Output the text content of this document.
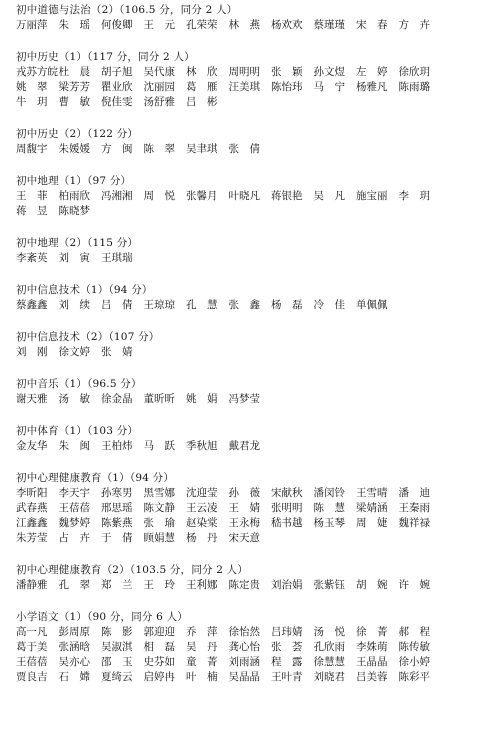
初中道德与法治（2）（106.5 分，同分 2 人）
万丽萍	朱　瑶	何俊卿	王　元	孔荣荣	林　燕	杨欢欢	蔡瑾瑾	宋　春	方　卉
初中历史（1）（117 分，同分 2 人）
戎苏方皖 杜　晨	胡子旭	吴代康	林　欣	周明明	张　颖	孙文煜	左　婷	徐欣玥
姚　翠	梁芳芳	瞿业欣	沈丽园	葛　雁	汪美琪	陈怡玮	马　宁	杨雅凡	陈雨璐
牛　玥	曹　敏	倪佳雯	汤舒雅	吕　彬
初中历史（2）（122 分）
周馥宇	朱媛媛	方　闽	陈　翠	吴聿琪	张　倩
初中地理（1）（97 分）
王　菲	柏雨欣	冯湘湘	周　悦	张馨月	叶晓凡	蒋银艳	吴　凡	施宝丽	李　玥
蒋　昱	陈晓梦
初中地理（2）（115 分）
李紊英	刘　寅	王琪瑞
初中信息技术（1）（94 分）
蔡鑫鑫	刘　续	吕　倩	王琼琼	孔　慧	张　鑫	杨　磊	冷　佳	单佩佩
初中信息技术（2）（107 分）
刘　刚	徐文婷	张　婧
初中音乐（1）（96.5 分）
谢天雅	汤　敏	徐金晶	董昕昕	姚　娟	冯梦莹
初中体育（1）（103 分）
金友华	朱　闽	王柏炜	马　跃	季秋旭	戴君龙
初中心理健康教育（1）（94 分）
李昕阳	李天宇	孙寒男	黑雪娜	沈迎莹	孙　薇	宋献秋	潘闵铃	王雪晴	潘　迪
武春燕	王蓓蓓	邢思瑶	陈文静	王云凌	王　婧	张明明	陈　慧	梁婧涵	王秦雨
江鑫鑫	魏梦婷	陈紫燕	张　瑜	赵染棠	王永梅	嵇书越	杨玉琴	周　婕	魏祥禄
朱芳莹	占　卉	于　倩	顾娟慧	杨　丹	宋天意
初中心理健康教育（2）（103.5 分，同分 2 人）
潘静雅	孔　翠	郑　兰	王　玲	王利娜	陈定贵	刘治娟	张紫钰	胡　婉	许　婉
小学语文（1）（90 分，同分 6 人）
高一凡	彭周原	陈　影	郭迎迎	乔　萍	徐怡然	吕玮婧	汤　悦	徐　菁	郝　程
葛于美	张涵晗	吴淑淇	相　磊	吴　丹	龚心怡	张　荟	孔欣雨	李姝萌	陈传敏
王蓓蓓	吴亦心	邵　玉	史芬如	童　菁	刘雨涵	程　露	徐慧慧	王晶晶	徐小婷
贾良吉	石　嫦	夏绮云	启婷冉	叶　楠	吴晶晶	王叶青	刘晓君	吕美蓉	陈彩平
